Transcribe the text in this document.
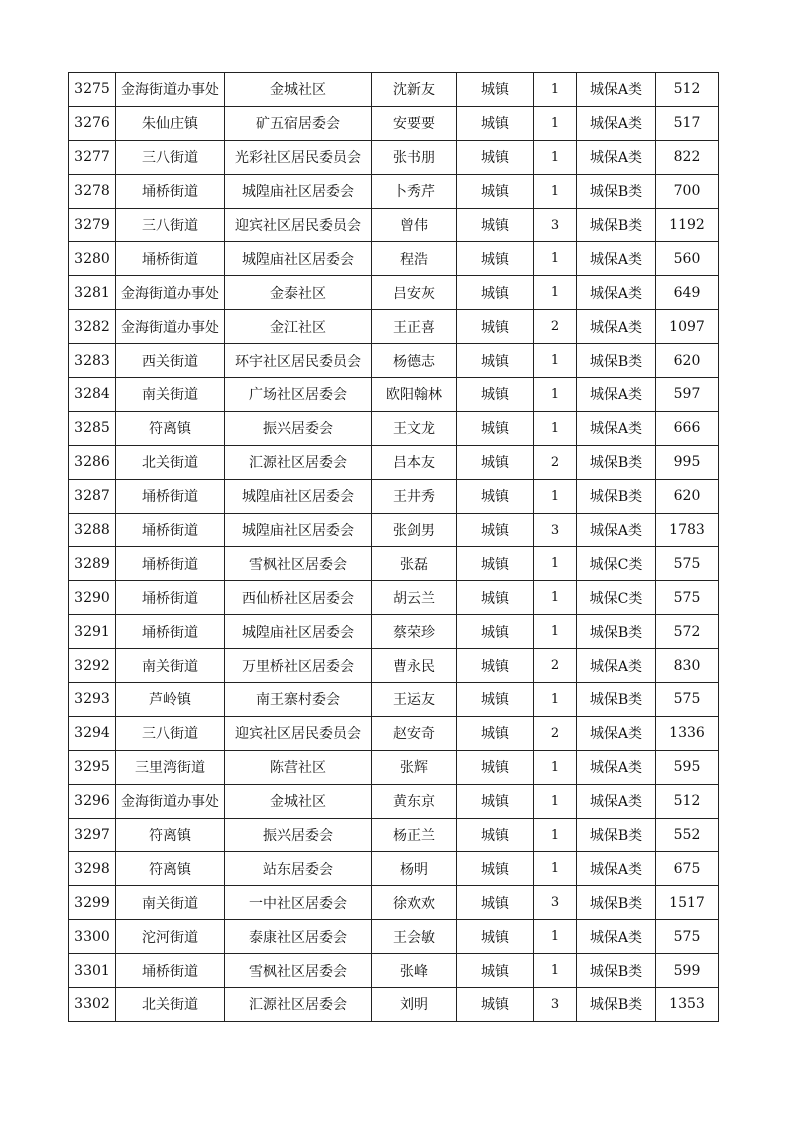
3275	金海街道办事处	金城社区	沈新友	城镇	1	城保A类	512
3276	朱仙庄镇	矿五宿居委会	安要要	城镇	1	城保A类	517
3277	三八街道	光彩社区居民委员会	张书朋	城镇	1	城保A类	822
3278	埇桥街道	城隍庙社区居委会	卜秀芹	城镇	1	城保B类	700
3279	三八街道	迎宾社区居民委员会	曾伟	城镇	3	城保B类	1192
3280	埇桥街道	城隍庙社区居委会	程浩	城镇	1	城保A类	560
3281	金海街道办事处	金泰社区	吕安灰	城镇	1	城保A类	649
3282	金海街道办事处	金江社区	王正喜	城镇	2	城保A类	1097
3283	西关街道	环宇社区居民委员会	杨德志	城镇	1	城保B类	620
3284	南关街道	广场社区居委会	欧阳翰林	城镇	1	城保A类	597
3285	符离镇	振兴居委会	王文龙	城镇	1	城保A类	666
3286	北关街道	汇源社区居委会	吕本友	城镇	2	城保B类	995
3287	埇桥街道	城隍庙社区居委会	王井秀	城镇	1	城保B类	620
3288	埇桥街道	城隍庙社区居委会	张剑男	城镇	3	城保A类	1783
3289	埇桥街道	雪枫社区居委会	张磊	城镇	1	城保C类	575
3290	埇桥街道	西仙桥社区居委会	胡云兰	城镇	1	城保C类	575
3291	埇桥街道	城隍庙社区居委会	蔡荣珍	城镇	1	城保B类	572
3292	南关街道	万里桥社区居委会	曹永民	城镇	2	城保A类	830
3293	芦岭镇	南王寨村委会	王运友	城镇	1	城保B类	575
3294	三八街道	迎宾社区居民委员会	赵安奇	城镇	2	城保A类	1336
3295	三里湾街道	陈营社区	张辉	城镇	1	城保A类	595
3296	金海街道办事处	金城社区	黄东京	城镇	1	城保A类	512
3297	符离镇	振兴居委会	杨正兰	城镇	1	城保B类	552
3298	符离镇	站东居委会	杨明	城镇	1	城保A类	675
3299	南关街道	一中社区居委会	徐欢欢	城镇	3	城保B类	1517
3300	沱河街道	泰康社区居委会	王会敏	城镇	1	城保A类	575
3301	埇桥街道	雪枫社区居委会	张峰	城镇	1	城保B类	599
3302	北关街道	汇源社区居委会	刘明	城镇	3	城保B类	1353
